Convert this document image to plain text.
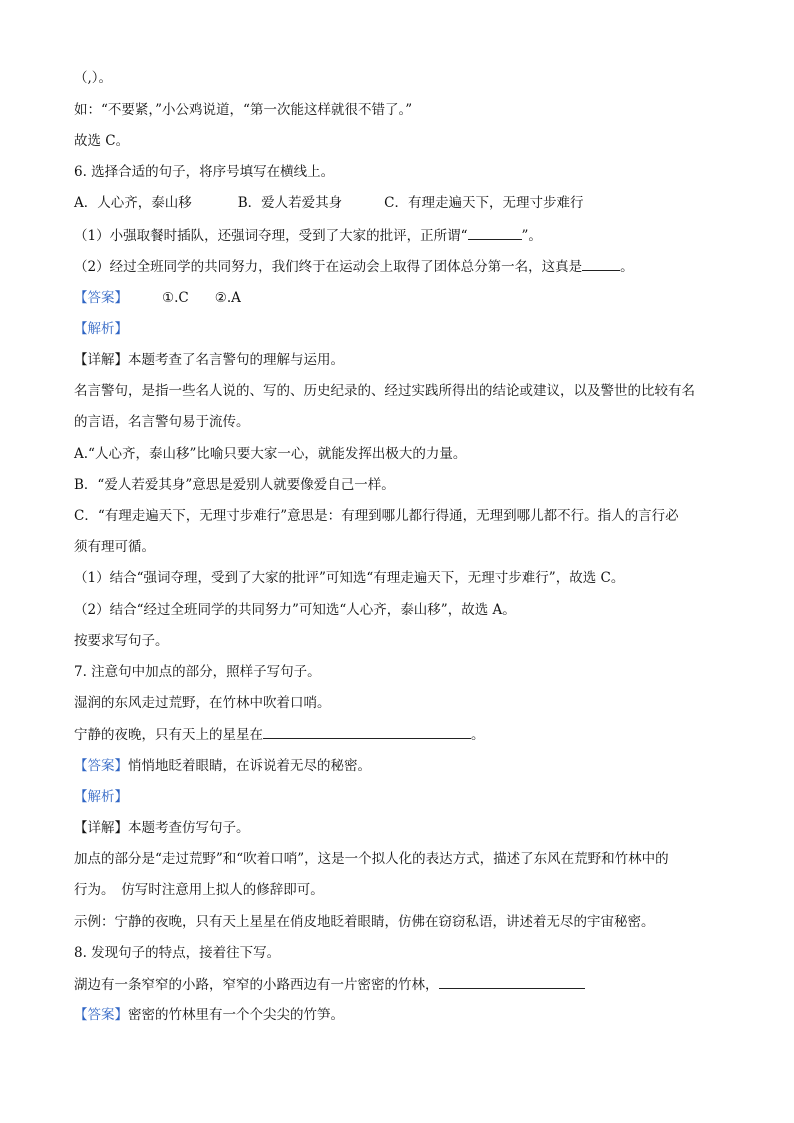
（,）。
如：“不要紧，”小公鸡说道，“第一次能这样就很不错了。”
故选 C。
6. 选择合适的句子，将序号填写在横线上。
A．人心齐，泰山移	B．爱人若爱其身	C．有理走遍天下，无理寸步难行
（1）小强取餐时插队，还强词夺理，受到了大家的批评，正所谓“	”。
（2）经过全班同学的共同努力，我们终于在运动会上取得了团体总分第一名，这真是	。
【答案】	①.C ②.A
【解析】
【详解】本题考查了名言警句的理解与运用。
名言警句，是指一些名人说的、写的、历史纪录的、经过实践所得出的结论或建议，以及警世的比较有名
的言语，名言警句易于流传。
A.“人心齐，泰山移”比喻只要大家一心，就能发挥出极大的力量。
B．“爱人若爱其身”意思是爱别人就要像爱自己一样。
C．“有理走遍天下，无理寸步难行”意思是：有理到哪儿都行得通，无理到哪儿都不行。指人的言行必
须有理可循。
（1）结合“强词夺理，受到了大家的批评”可知选“有理走遍天下，无理寸步难行”，故选 C。
（2）结合“经过全班同学的共同努力”可知选“人心齐，泰山移”，故选 A。
按要求写句子。
7. 注意句中加点的部分，照样子写句子。
湿润的东风走过荒野，在竹林中吹着口哨。
宁静的夜晚，只有天上的星星在	。
【答案】悄悄地眨着眼睛，在诉说着无尽的秘密。
【解析】
【详解】本题考查仿写句子。
加点的部分是“走过荒野”和“吹着口哨”，这是一个拟人化的表达方式，描述了东风在荒野和竹林中的
行为。　仿写时注意用上拟人的修辞即可。
示例：宁静的夜晚，只有天上星星在俏皮地眨着眼睛，仿佛在窃窃私语，讲述着无尽的宇宙秘密。
8. 发现句子的特点，接着往下写。
湖边有一条窄窄的小路，窄窄的小路西边有一片密密的竹林，
【答案】密密的竹林里有一个个尖尖的竹笋。
